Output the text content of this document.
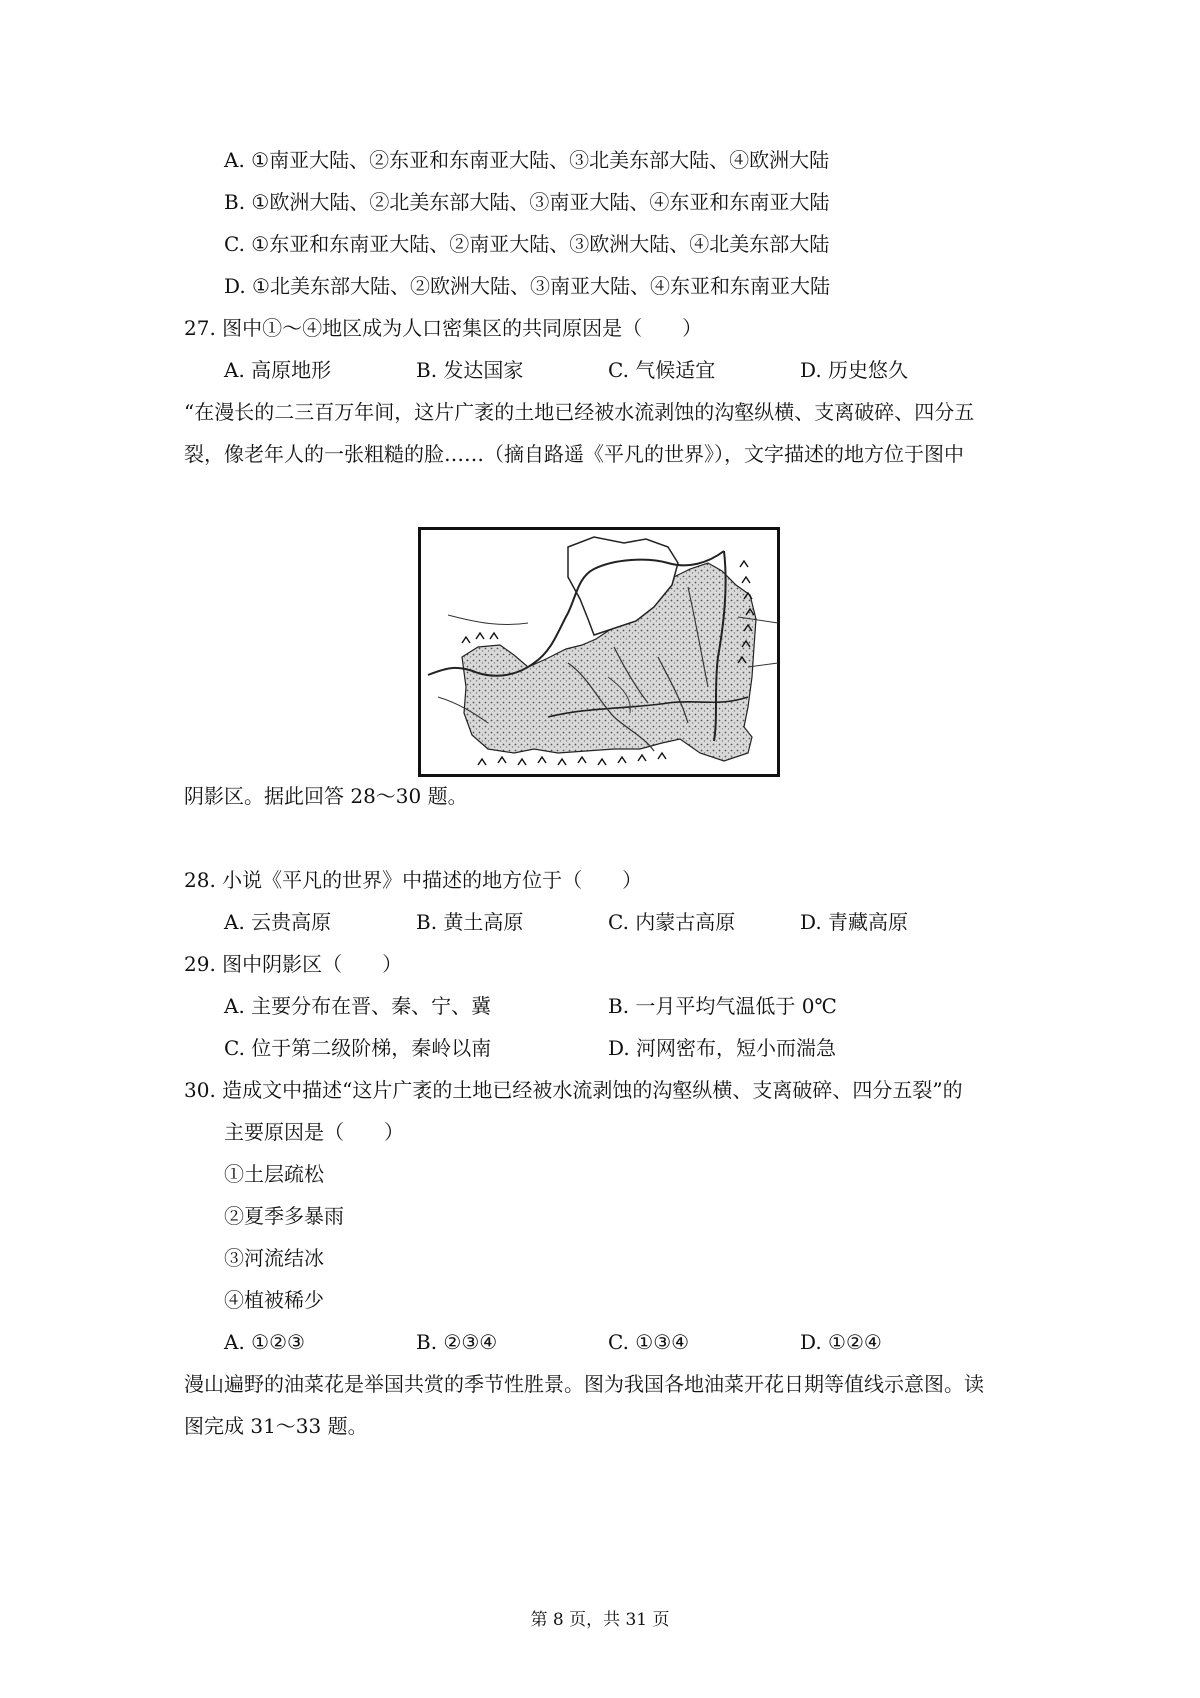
A. ①南亚大陆、②东亚和东南亚大陆、③北美东部大陆、④欧洲大陆
B. ①欧洲大陆、②北美东部大陆、③南亚大陆、④东亚和东南亚大陆
C. ①东亚和东南亚大陆、②南亚大陆、③欧洲大陆、④北美东部大陆
D. ①北美东部大陆、②欧洲大陆、③南亚大陆、④东亚和东南亚大陆
27. 图中①～④地区成为人口密集区的共同原因是（　　）
A. 高原地形	B. 发达国家	C. 气候适宜	D. 历史悠久
“在漫长的二三百万年间，这片广袤的土地已经被水流剥蚀的沟壑纵横、支离破碎、四分五
裂，像老年人的一张粗糙的脸……（摘自路遥《平凡的世界》），文字描述的地方位于图中
阴影区。据此回答 28～30 题。
28. 小说《平凡的世界》中描述的地方位于（　　）
A. 云贵高原	B. 黄土高原	C. 内蒙古高原	D. 青藏高原
29. 图中阴影区（　　）
A. 主要分布在晋、秦、宁、冀	B. 一月平均气温低于 0℃
C. 位于第二级阶梯，秦岭以南	D. 河网密布，短小而湍急
30. 造成文中描述“这片广袤的土地已经被水流剥蚀的沟壑纵横、支离破碎、四分五裂”的
主要原因是（　　）
①土层疏松
②夏季多暴雨
③河流结冰
④植被稀少
A. ①②③	B. ②③④	C. ①③④	D. ①②④
漫山遍野的油菜花是举国共赏的季节性胜景。图为我国各地油菜开花日期等值线示意图。读
图完成 31～33 题。
第 8 页，共 31 页
